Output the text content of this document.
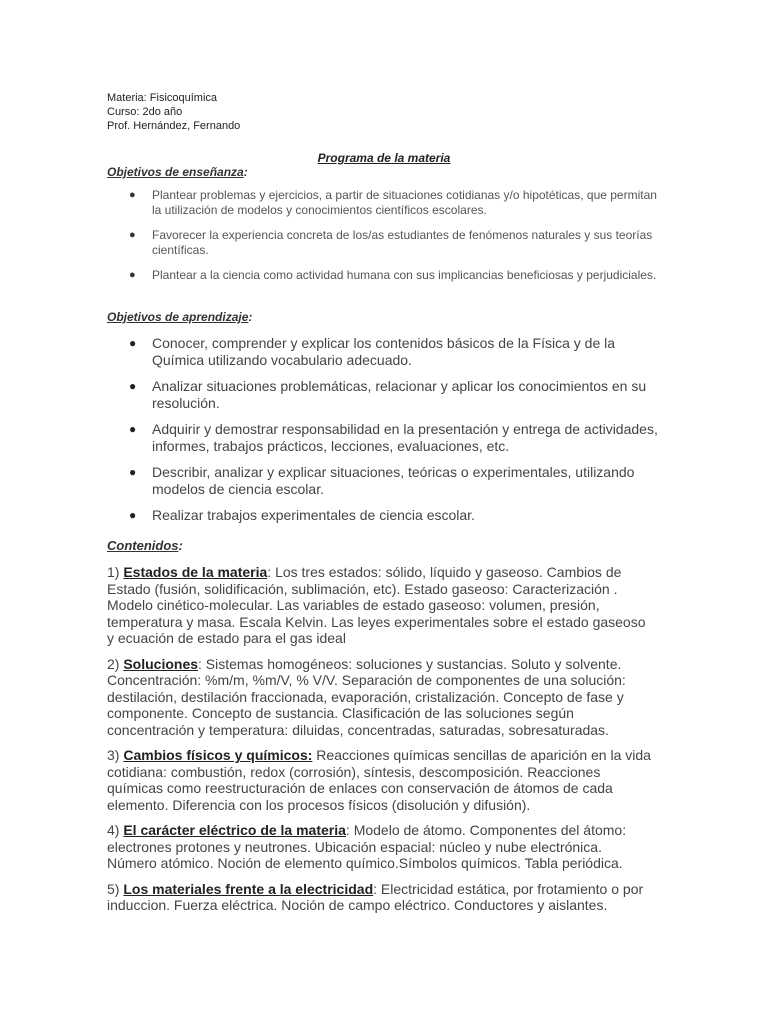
Materia: Fisicoquímica
Curso: 2do año
Prof. Hernández, Fernando
Programa de la materia
Objetivos de enseñanza:
● Plantear problemas y ejercicios, a partir de situaciones cotidianas y/o hipotéticas, que permitan la utilización de modelos y conocimientos científicos escolares.
● Favorecer la experiencia concreta de los/as estudiantes de fenómenos naturales y sus teorías científicas.
● Plantear a la ciencia como actividad humana con sus implicancias beneficiosas y perjudiciales.
Objetivos de aprendizaje:
● Conocer, comprender y explicar los contenidos básicos de la Física y de la Química utilizando vocabulario adecuado.
● Analizar situaciones problemáticas, relacionar y aplicar los conocimientos en su resolución.
● Adquirir y demostrar responsabilidad en la presentación y entrega de actividades, informes, trabajos prácticos, lecciones, evaluaciones, etc.
● Describir, analizar y explicar situaciones, teóricas o experimentales, utilizando modelos de ciencia escolar.
● Realizar trabajos experimentales de ciencia escolar.
Contenidos:

1) Estados de la materia: Los tres estados: sólido, líquido y gaseoso. Cambios de Estado (fusión, solidificación, sublimación, etc). Estado gaseoso: Caracterización . Modelo cinético-molecular. Las variables de estado gaseoso: volumen, presión, temperatura y masa. Escala Kelvin. Las leyes experimentales sobre el estado gaseoso y ecuación de estado para el gas ideal

2) Soluciones: Sistemas homogéneos: soluciones y sustancias. Soluto y solvente. Concentración: %m/m, %m/V, % V/V. Separación de componentes de una solución: destilación, destilación fraccionada, evaporación, cristalización. Concepto de fase y componente. Concepto de sustancia. Clasificación de las soluciones según concentración y temperatura: diluidas, concentradas, saturadas, sobresaturadas.

3) Cambios físicos y químicos: Reacciones químicas sencillas de aparición en la vida cotidiana: combustión, redox (corrosión), síntesis, descomposición. Reacciones químicas como reestructuración de enlaces con conservación de átomos de cada elemento. Diferencia con los procesos físicos (disolución y difusión).

4) El carácter eléctrico de la materia: Modelo de átomo. Componentes del átomo: electrones protones y neutrones. Ubicación espacial: núcleo y nube electrónica. Número atómico. Noción de elemento químico.Símbolos químicos. Tabla periódica.

5) Los materiales frente a la electricidad: Electricidad estática, por frotamiento o por induccion. Fuerza eléctrica. Noción de campo eléctrico. Conductores y aislantes.
